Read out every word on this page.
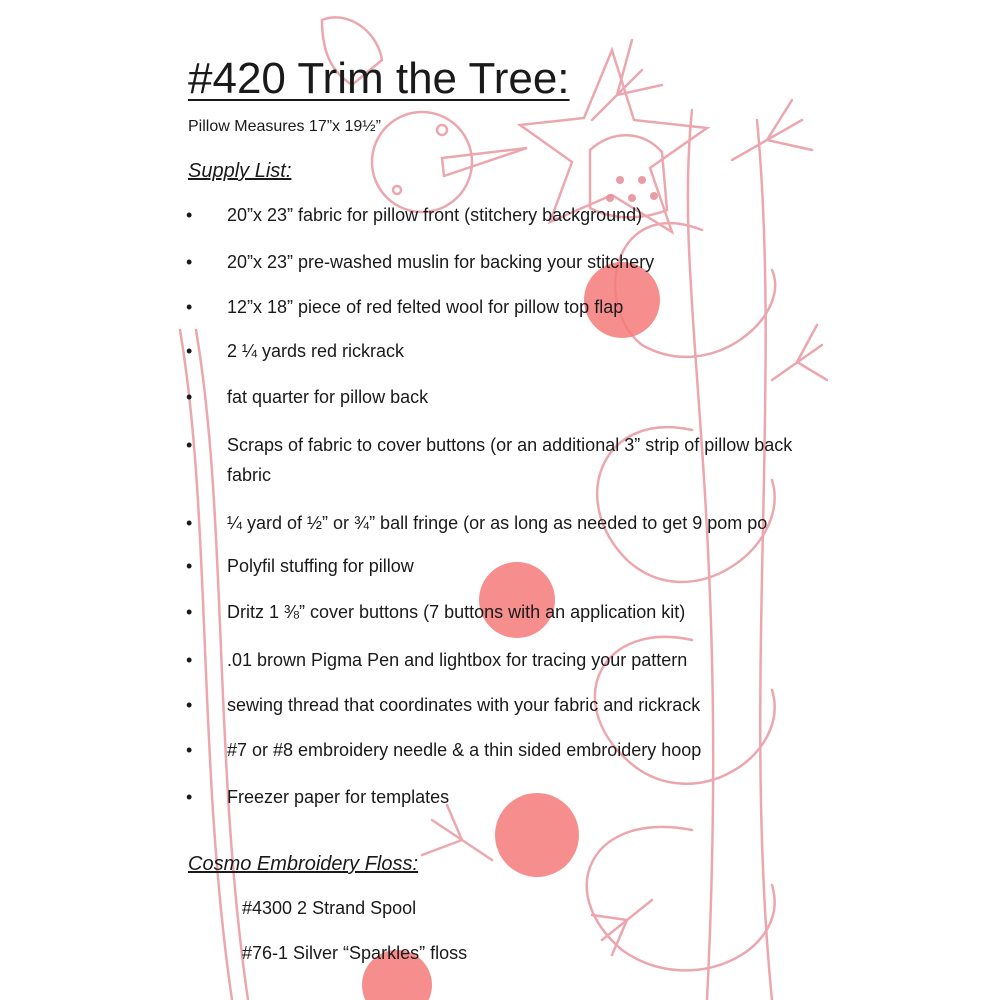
#420 Trim the Tree:
Pillow Measures 17”x 19½”
Supply List:
• 20”x 23” fabric for pillow front (stitchery background)
• 20”x 23” pre-washed muslin for backing your stitchery
• 12”x 18” piece of red felted wool for pillow top flap
• 2 ¼ yards red rickrack
• fat quarter for pillow back
• Scraps of fabric to cover buttons (or an additional 3” strip of pillow back fabric
• ¼ yard of ½” or ¾” ball fringe (or as long as needed to get 9 pom po
• Polyfil stuffing for pillow
• Dritz 1 ⅜” cover buttons (7 buttons with an application kit)
• .01 brown Pigma Pen and lightbox for tracing your pattern
• sewing thread that coordinates with your fabric and rickrack
• #7 or #8 embroidery needle & a thin sided embroidery hoop
• Freezer paper for templates
Cosmo Embroidery Floss:
#4300 2 Strand Spool
#76-1 Silver “Sparkles” floss
